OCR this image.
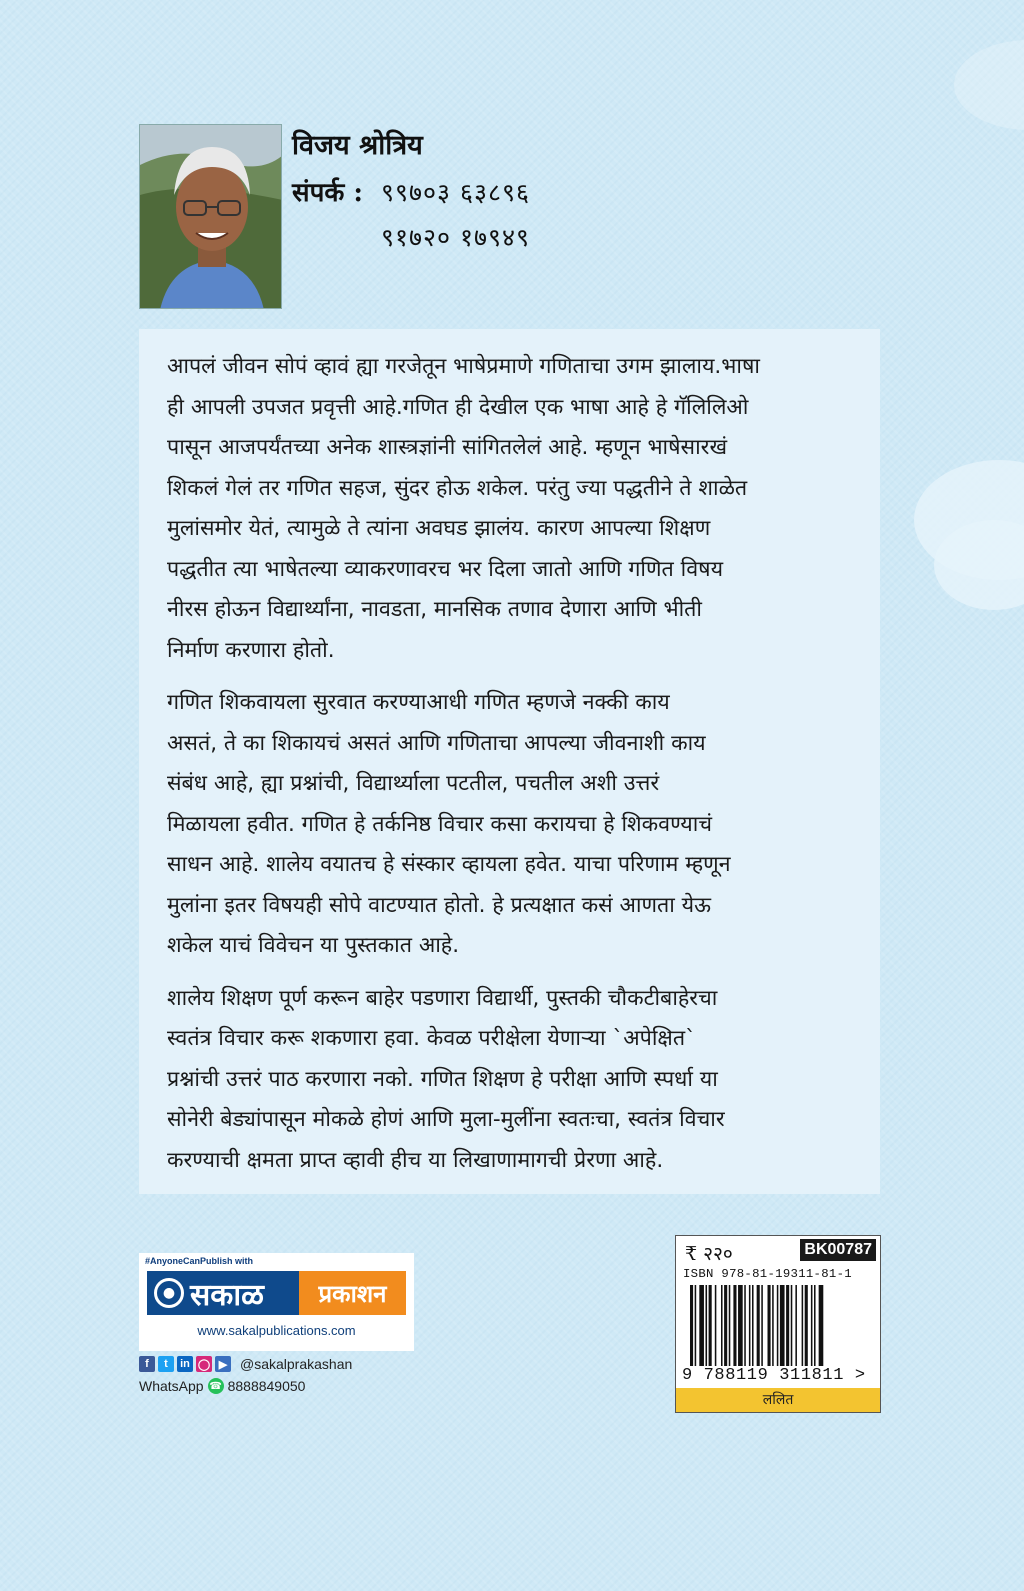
विजय श्रोत्रिय
संपर्क : ९९७०३ ६३८९६
९१७२० १७९४९

आपलं जीवन सोपं व्हावं ह्या गरजेतून भाषेप्रमाणे गणिताचा उगम झालाय.भाषा
ही आपली उपजत प्रवृत्ती आहे.गणित ही देखील एक भाषा आहे हे गॅलिलिओ
पासून आजपर्यंतच्या अनेक शास्त्रज्ञांनी सांगितलेलं आहे. म्हणून भाषेसारखं
शिकलं गेलं तर गणित सहज, सुंदर होऊ शकेल. परंतु ज्या पद्धतीने ते शाळेत
मुलांसमोर येतं, त्यामुळे ते त्यांना अवघड झालंय. कारण आपल्या शिक्षण
पद्धतीत त्या भाषेतल्या व्याकरणावरच भर दिला जातो आणि गणित विषय
नीरस होऊन विद्यार्थ्यांना, नावडता, मानसिक तणाव देणारा आणि भीती
निर्माण करणारा होतो.

गणित शिकवायला सुरवात करण्याआधी गणित म्हणजे नक्की काय
असतं, ते का शिकायचं असतं आणि गणिताचा आपल्या जीवनाशी काय
संबंध आहे, ह्या प्रश्नांची, विद्यार्थ्याला पटतील, पचतील अशी उत्तरं
मिळायला हवीत. गणित हे तर्कनिष्ठ विचार कसा करायचा हे शिकवण्याचं
साधन आहे. शालेय वयातच हे संस्कार व्हायला हवेत. याचा परिणाम म्हणून
मुलांना इतर विषयही सोपे वाटण्यात होतो. हे प्रत्यक्षात कसं आणता येऊ
शकेल याचं विवेचन या पुस्तकात आहे.

शालेय शिक्षण पूर्ण करून बाहेर पडणारा विद्यार्थी, पुस्तकी चौकटीबाहेरचा
स्वतंत्र विचार करू शकणारा हवा. केवळ परीक्षेला येणाऱ्या `अपेक्षित`
प्रश्नांची उत्तरं पाठ करणारा नको. गणित शिक्षण हे परीक्षा आणि स्पर्धा या
सोनेरी बेड्यांपासून मोकळे होणं आणि मुला-मुलींना स्वतःचा, स्वतंत्र विचार
करण्याची क्षमता प्राप्त व्हावी हीच या लिखाणामागची प्रेरणा आहे.

#AnyoneCanPublish with
● सकाळ	प्रकाशन
www.sakalpublications.com
f	t	in ◯ ▶ @sakalprakashan
WhatsApp ☎ 8888849050
₹ २२०	BK00787
ISBN 978-81-19311-81-1
9 788119 311811 >
ललित
